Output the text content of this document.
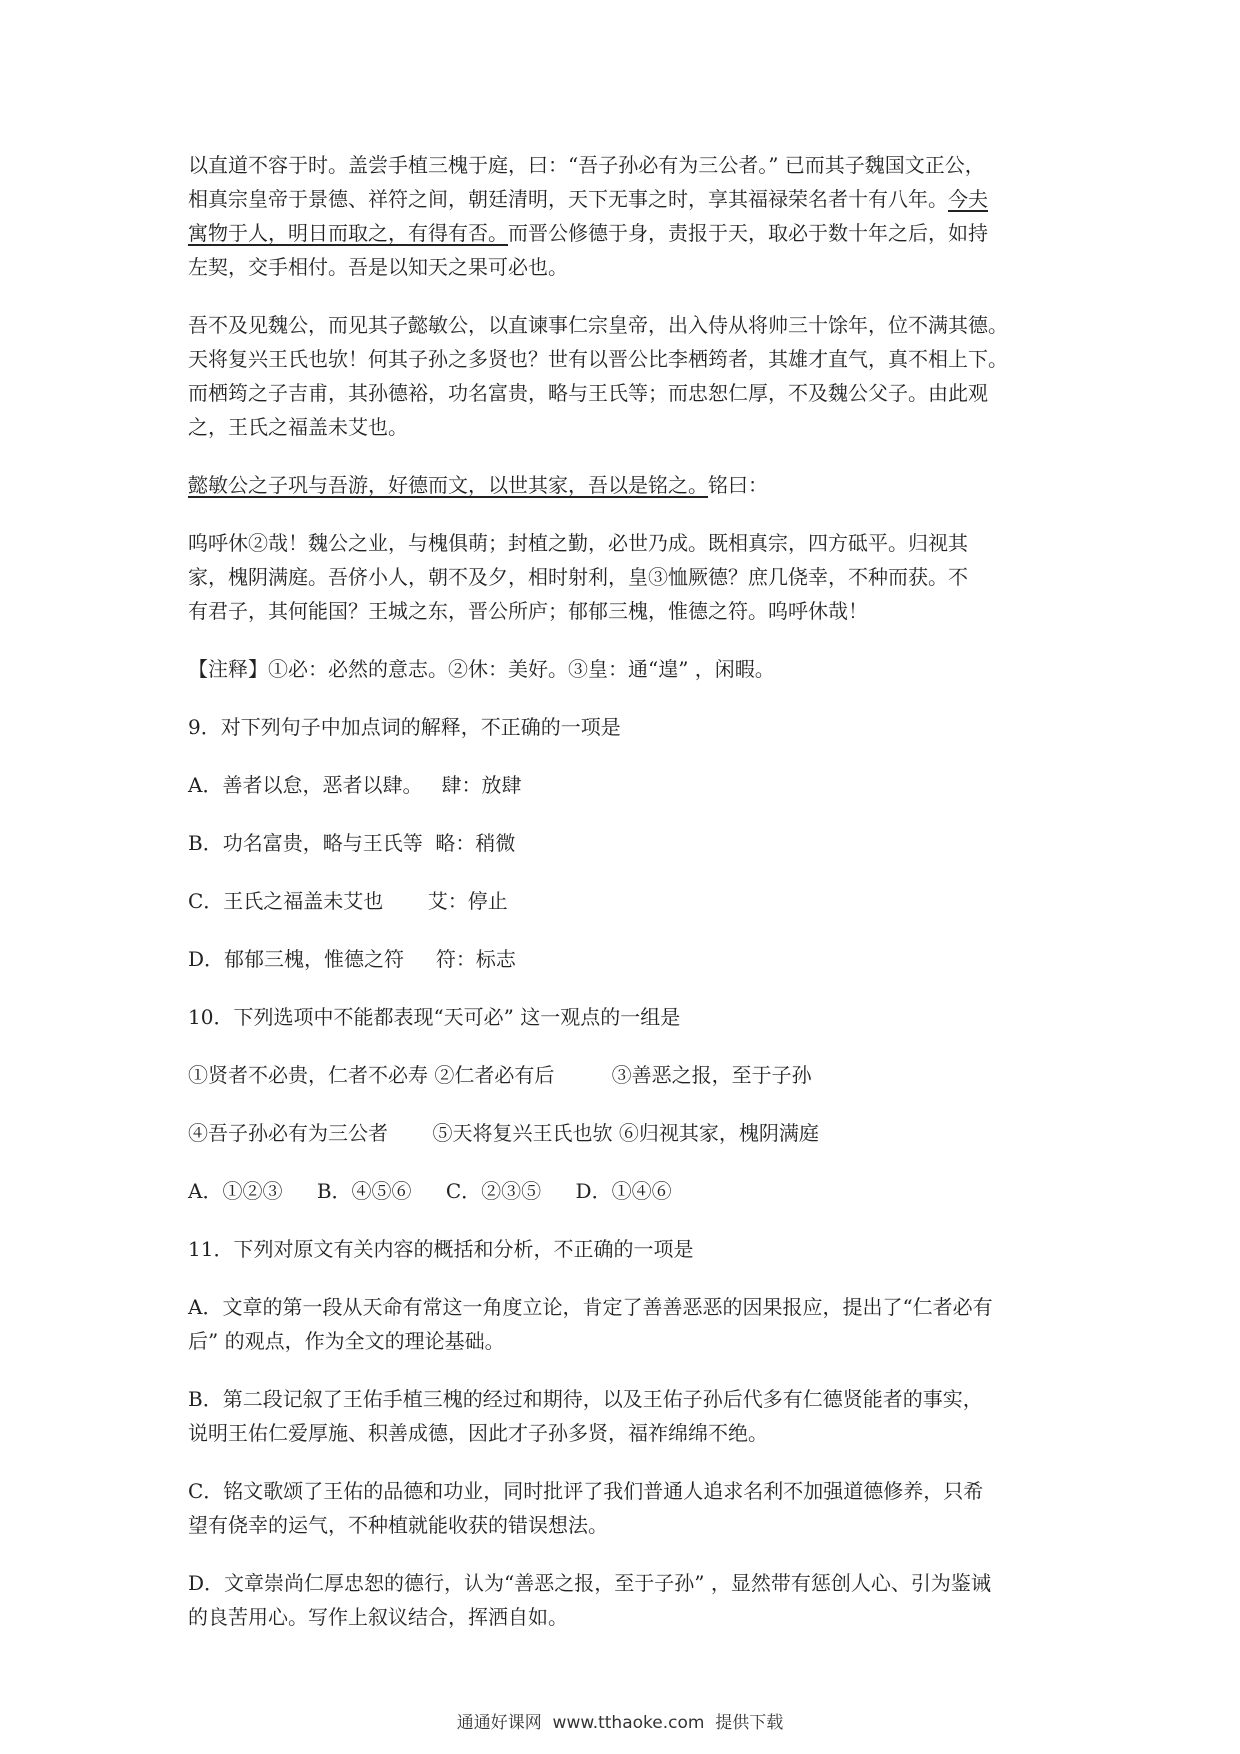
以直道不容于时。盖尝手植三槐于庭，曰：“吾子孙必有为三公者。” 已而其子魏国文正公，
相真宗皇帝于景德、祥符之间，朝廷清明，天下无事之时，享其福禄荣名者十有八年。今夫
寓物于人，明日而取之，有得有否。而晋公修德于身，责报于天，取必于数十年之后，如持
左契，交手相付。吾是以知天之果可必也。
吾不及见魏公，而见其子懿敏公，以直谏事仁宗皇帝，出入侍从将帅三十馀年，位不满其德。
天将复兴王氏也欤！何其子孙之多贤也？世有以晋公比李栖筠者，其雄才直气，真不相上下。
而栖筠之子吉甫，其孙德裕，功名富贵，略与王氏等；而忠恕仁厚，不及魏公父子。由此观
之，王氏之福盖未艾也。
懿敏公之子巩与吾游，好德而文，以世其家，吾以是铭之。铭曰：
呜呼休②哉！魏公之业，与槐俱萌；封植之勤，必世乃成。既相真宗，四方砥平。归视其
家，槐阴满庭。吾侪小人，朝不及夕，相时射利，皇③恤厥德？庶几侥幸，不种而获。不
有君子，其何能国？王城之东，晋公所庐；郁郁三槐，惟德之符。呜呼休哉！
【注释】①必：必然的意志。②休：美好。③皇：通“遑” ，闲暇。
9．对下列句子中加点词的解释，不正确的一项是
A．善者以怠，恶者以肆。   肆：放肆
B．功名富贵，略与王氏等  略：稍微
C．王氏之福盖未艾也       艾：停止
D．郁郁三槐，惟德之符     符：标志
10．下列选项中不能都表现“天可必” 这一观点的一组是
①贤者不必贵，仁者不必寿 ②仁者必有后         ③善恶之报，至于子孙
④吾子孙必有为三公者       ⑤天将复兴王氏也欤 ⑥归视其家，槐阴满庭
A．①②③ B．④⑤⑥ C．②③⑤ D．①④⑥
11．下列对原文有关内容的概括和分析，不正确的一项是
A．文章的第一段从天命有常这一角度立论，肯定了善善恶恶的因果报应，提出了“仁者必有
后” 的观点，作为全文的理论基础。
B．第二段记叙了王佑手植三槐的经过和期待，以及王佑子孙后代多有仁德贤能者的事实，
说明王佑仁爱厚施、积善成德，因此才子孙多贤，福祚绵绵不绝。
C．铭文歌颂了王佑的品德和功业，同时批评了我们普通人追求名利不加强道德修养，只希
望有侥幸的运气，不种植就能收获的错误想法。
D．文章崇尚仁厚忠恕的德行，认为“善恶之报，至于子孙” ，显然带有惩创人心、引为鉴诫
的良苦用心。写作上叙议结合，挥洒自如。
通通好课网  www.tthaoke.com  提供下载
